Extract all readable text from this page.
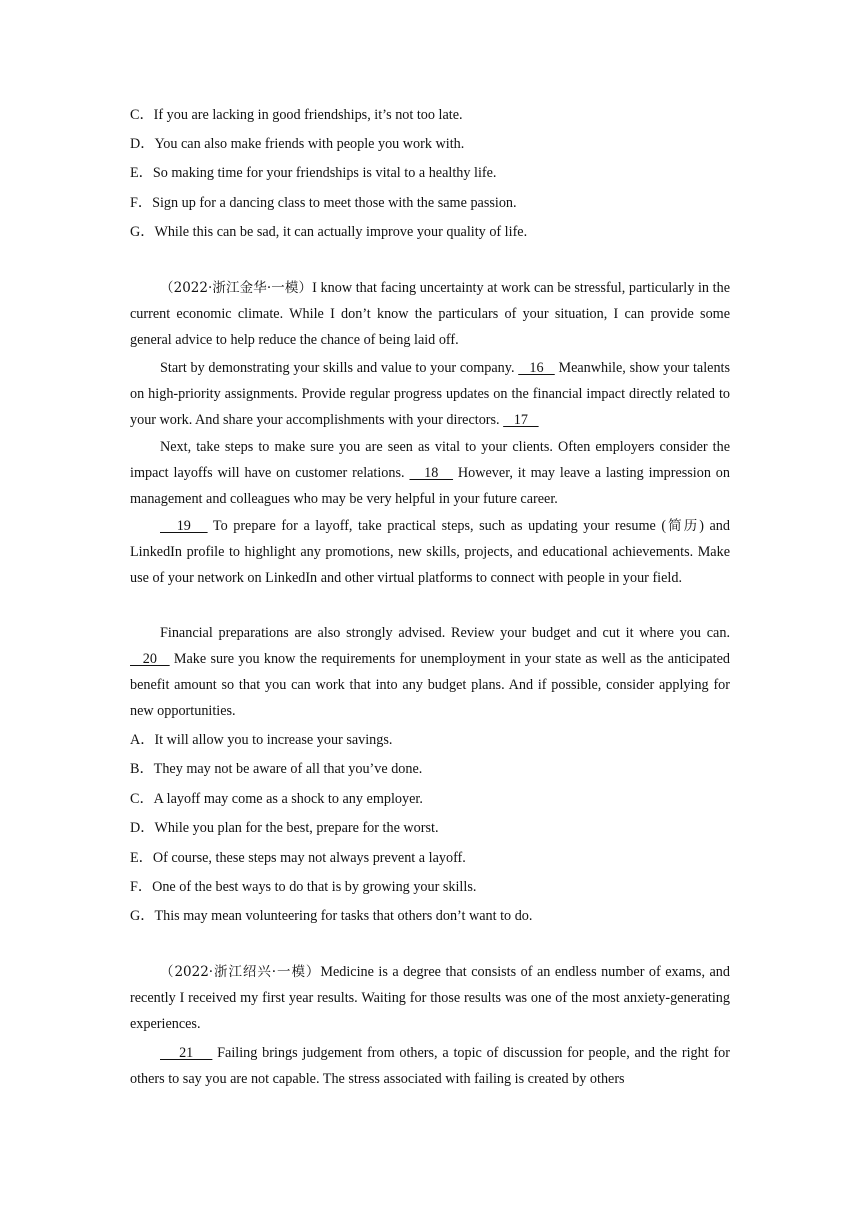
C．If you are lacking in good friendships, it’s not too late.
D．You can also make friends with people you work with.
E．So making time for your friendships is vital to a healthy life.
F．Sign up for a dancing class to meet those with the same passion.
G．While this can be sad, it can actually improve your quality of life.
（2022·浙江金华·一模）I know that facing uncertainty at work can be stressful, particularly in the current economic climate. While I don’t know the particulars of your situation, I can provide some general advice to help reduce the chance of being laid off.
Start by demonstrating your skills and value to your company.    16    Meanwhile, show your talents on high-priority assignments. Provide regular progress updates on the financial impact directly related to your work. And share your accomplishments with your directors.    17
Next, take steps to make sure you are seen as vital to your clients. Often employers consider the impact layoffs will have on customer relations.    18    However, it may leave a lasting impression on management and colleagues who may be very helpful in your future career.
19    To prepare for a layoff, take practical steps, such as updating your resume (简历) and LinkedIn profile to highlight any promotions, new skills, projects, and educational achievements. Make use of your network on LinkedIn and other virtual platforms to connect with people in your field.
Financial preparations are also strongly advised. Review your budget and cut it where you can.    20    Make sure you know the requirements for unemployment in your state as well as the anticipated benefit amount so that you can work that into any budget plans. And if possible, consider applying for new opportunities.
A．It will allow you to increase your savings.
B．They may not be aware of all that you’ve done.
C．A layoff may come as a shock to any employer.
D．While you plan for the best, prepare for the worst.
E．Of course, these steps may not always prevent a layoff.
F．One of the best ways to do that is by growing your skills.
G．This may mean volunteering for tasks that others don’t want to do.
（2022·浙江绍兴·一模）Medicine is a degree that consists of an endless number of exams, and recently I received my first year results. Waiting for those results was one of the most anxiety-generating experiences.
21     Failing brings judgement from others, a topic of discussion for people, and the right for others to say you are not capable. The stress associated with failing is created by others
